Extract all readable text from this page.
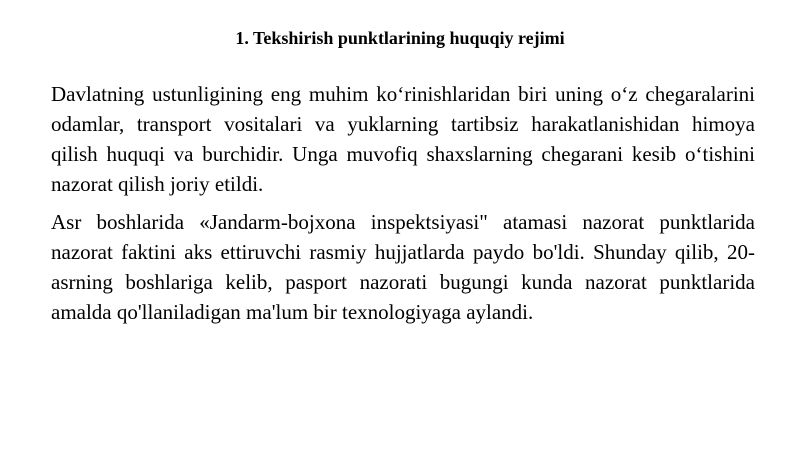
1. Tekshirish punktlarining huquqiy rejimi

Davlatning ustunligining eng muhim ko‘rinishlaridan biri uning o‘z chegaralarini odamlar, transport vositalari va yuklarning tartibsiz harakatlanishidan himoya qilish huquqi va burchidir. Unga muvofiq shaxslarning chegarani kesib o‘tishini nazorat qilish joriy etildi.

Asr boshlarida «Jandarm-bojxona inspektsiyasi" atamasi nazorat punktlarida nazorat faktini aks ettiruvchi rasmiy hujjatlarda paydo bo'ldi. Shunday qilib, 20-asrning boshlariga kelib, pasport nazorati bugungi kunda nazorat punktlarida amalda qo'llaniladigan ma'lum bir texnologiyaga aylandi.
